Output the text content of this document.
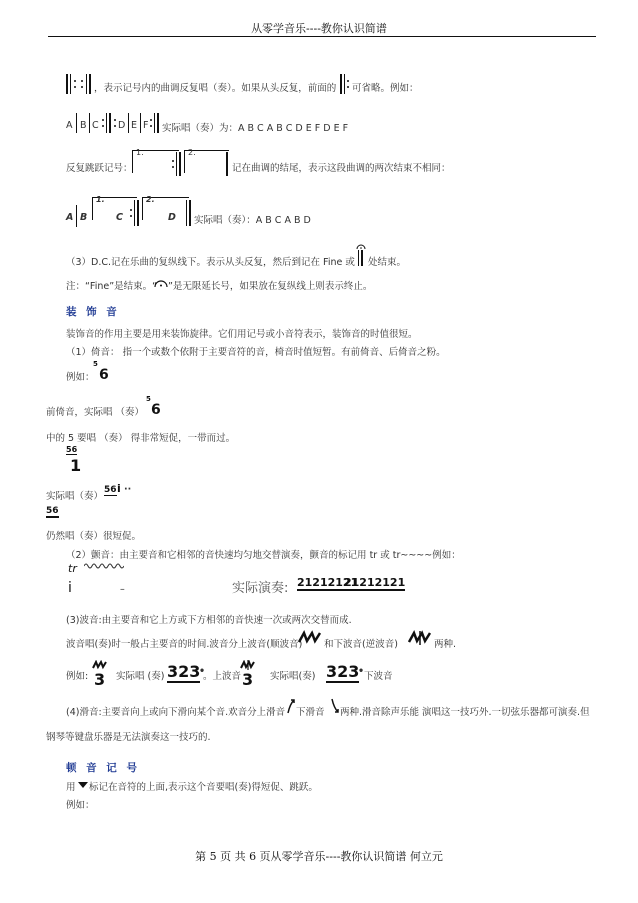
从零学音乐----教你认识简谱
，表示记号内的曲调反复唱（奏）。如果从头反复，前面的 可省略。例如：
A B C D E F 实际唱（奏）为：A B C A B C D E F D E F
反复跳跃记号：
1.	2.
记在曲调的结尾，表示这段曲调的两次结束不相同：
A B
1.
C
2.
D 实际唱（奏）：A B C A B D
（3）D.C.记在乐曲的复纵线下。表示从头反复，然后到记在 Fine 或 处结束。
注：“Fine”是结束。“ ”是无限延长号，如果放在复纵线上则表示终止。
装 饰 音
装饰音的作用主要是用来装饰旋律。它们用记号或小音符表示，装饰音的时值很短。
（1）倚音： 指一个或数个依附于主要音符的音，椅音时值短暂。有前倚音、后倚音之粉。
例如：
5
6
前倚音，实际唱 （奏）
5
6
中的 5 要唱 （奏） 得非常短促，一带而过。
56
1
实际唱（奏）
56 i ··
56
仍然唱（奏）很短促。
（2）颤音：由主要音和它相邻的音快速均匀地交替演奏，颤音的标记用 tr 或 tr~~~~例如：
tr
i	–	实际演奏: 21212121
21212121
(3)波音:由主要音和它上方或下方相邻的音快速一次或两次交替而成.
波音唱(奏)时一般占主要音的时间.波音分上波音(顺波音) 和下波音(逆波音)	两种.
例如: 3 实际唱 (奏) 323
•
。上波音 3 实际唱(奏) 323
• 下波音
(4)滑音:主要音向上或向下滑向某个音.欢音分上滑音 下滑音 两种.滑音除声乐能 演唱这一技巧外.一切弦乐器都可演奏.但
钢琴等键盘乐器是无法演奏这一技巧的.
顿 音 记 号
用 标记在音符的上面,表示这个音要唱(奏)得短促、跳跃。
例如：
第 5 页 共 6 页从零学音乐----教你认识简谱 何立元
